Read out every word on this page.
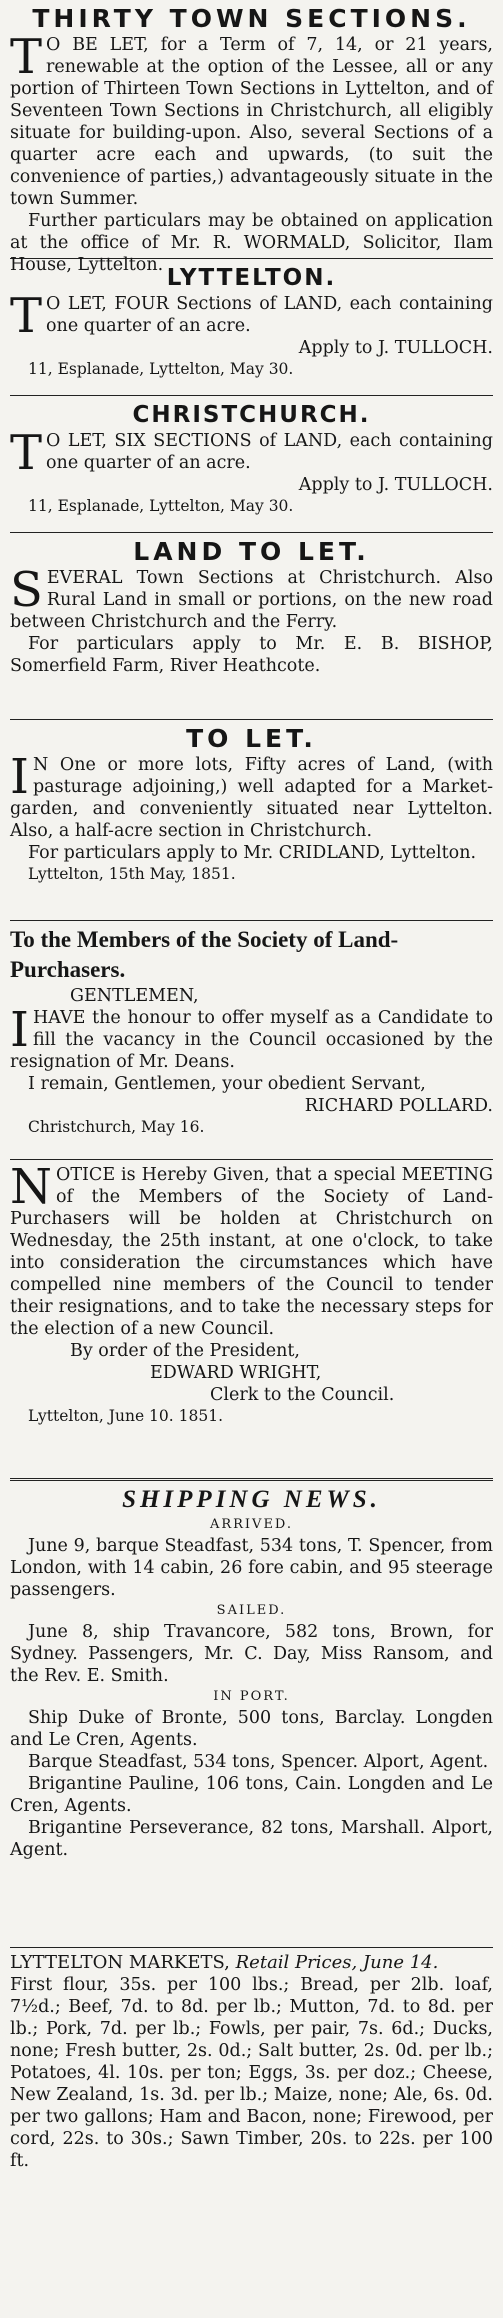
THIRTY TOWN SECTIONS.

T O BE LET, for a Term of 7, 14, or 21 years, renewable at the option of the Lessee, all or any portion of Thirteen Town Sections in Lyttelton, and of Seventeen Town Sections in Christchurch, all eligibly situate for building-upon. Also, several Sections of a quarter acre each and upwards, (to suit the convenience of parties,) advantageously situate in the town Summer.

Further particulars may be obtained on application at the office of Mr. R. WORMALD, Solicitor, Ilam House, Lyttelton. LYTTELTON.

T O LET, FOUR Sections of LAND, each containing one quarter of an acre.

Apply to J. TULLOCH.

11, Esplanade, Lyttelton, May 30.

CHRISTCHURCH.

T O LET, SIX SECTIONS of LAND, each containing one quarter of an acre.

Apply to J. TULLOCH.

11, Esplanade, Lyttelton, May 30.

LAND TO LET.

SEVERAL Town Sections at Christchurch. Also Rural Land in small or portions, on the new road between Christchurch and the Ferry.

For particulars apply to Mr. E. B. BISHOP, Somerfield Farm, River Heathcote.

TO LET.

I N One or more lots, Fifty acres of Land, (with pasturage adjoining,) well adapted for a Market-garden, and conveniently situated near Lyttelton. Also, a half-acre section in Christchurch.

For particulars apply to Mr. CRIDLAND, Lyttelton.

Lyttelton, 15th May, 1851.

To the Members of the Society of Land-Purchasers.

GENTLEMEN,

IHAVE the honour to offer myself as a Candidate to fill the vacancy in the Council occasioned by the resignation of Mr. Deans.

I remain, Gentlemen, your obedient Servant,

RICHARD POLLARD.

Christchurch, May 16.

NOTICE is Hereby Given, that a special MEETING of the Members of the Society of Land-Purchasers will be holden at Christchurch on Wednesday, the 25th instant, at one o'clock, to take into consideration the circumstances which have compelled nine members of the Council to tender their resignations, and to take the necessary steps for the election of a new Council.

By order of the President,

EDWARD WRIGHT,

Clerk to the Council.

Lyttelton, June 10. 1851.

SHIPPING NEWS.
ARRIVED.

June 9, barque Steadfast, 534 tons, T. Spencer, from London, with 14 cabin, 26 fore cabin, and 95 steerage passengers.

SAILED.

June 8, ship Travancore, 582 tons, Brown, for Sydney. Passengers, Mr. C. Day, Miss Ransom, and the Rev. E. Smith.

IN PORT.

Ship Duke of Bronte, 500 tons, Barclay. Longden and Le Cren, Agents.

Barque Steadfast, 534 tons, Spencer. Alport, Agent.

Brigantine Pauline, 106 tons, Cain. Longden and Le Cren, Agents.

Brigantine Perseverance, 82 tons, Marshall. Alport, Agent.

LYTTELTON MARKETS, Retail Prices, June 14.

First flour, 35s. per 100 lbs.; Bread, per 2lb. loaf, 7½d.; Beef, 7d. to 8d. per lb.; Mutton, 7d. to 8d. per lb.; Pork, 7d. per lb.; Fowls, per pair, 7s. 6d.; Ducks, none; Fresh butter, 2s. 0d.; Salt butter, 2s. 0d. per lb.; Potatoes, 4l. 10s. per ton; Eggs, 3s. per doz.; Cheese, New Zealand, 1s. 3d. per lb.; Maize, none; Ale, 6s. 0d. per two gallons; Ham and Bacon, none; Firewood, per cord, 22s. to 30s.; Sawn Timber, 20s. to 22s. per 100 ft.
